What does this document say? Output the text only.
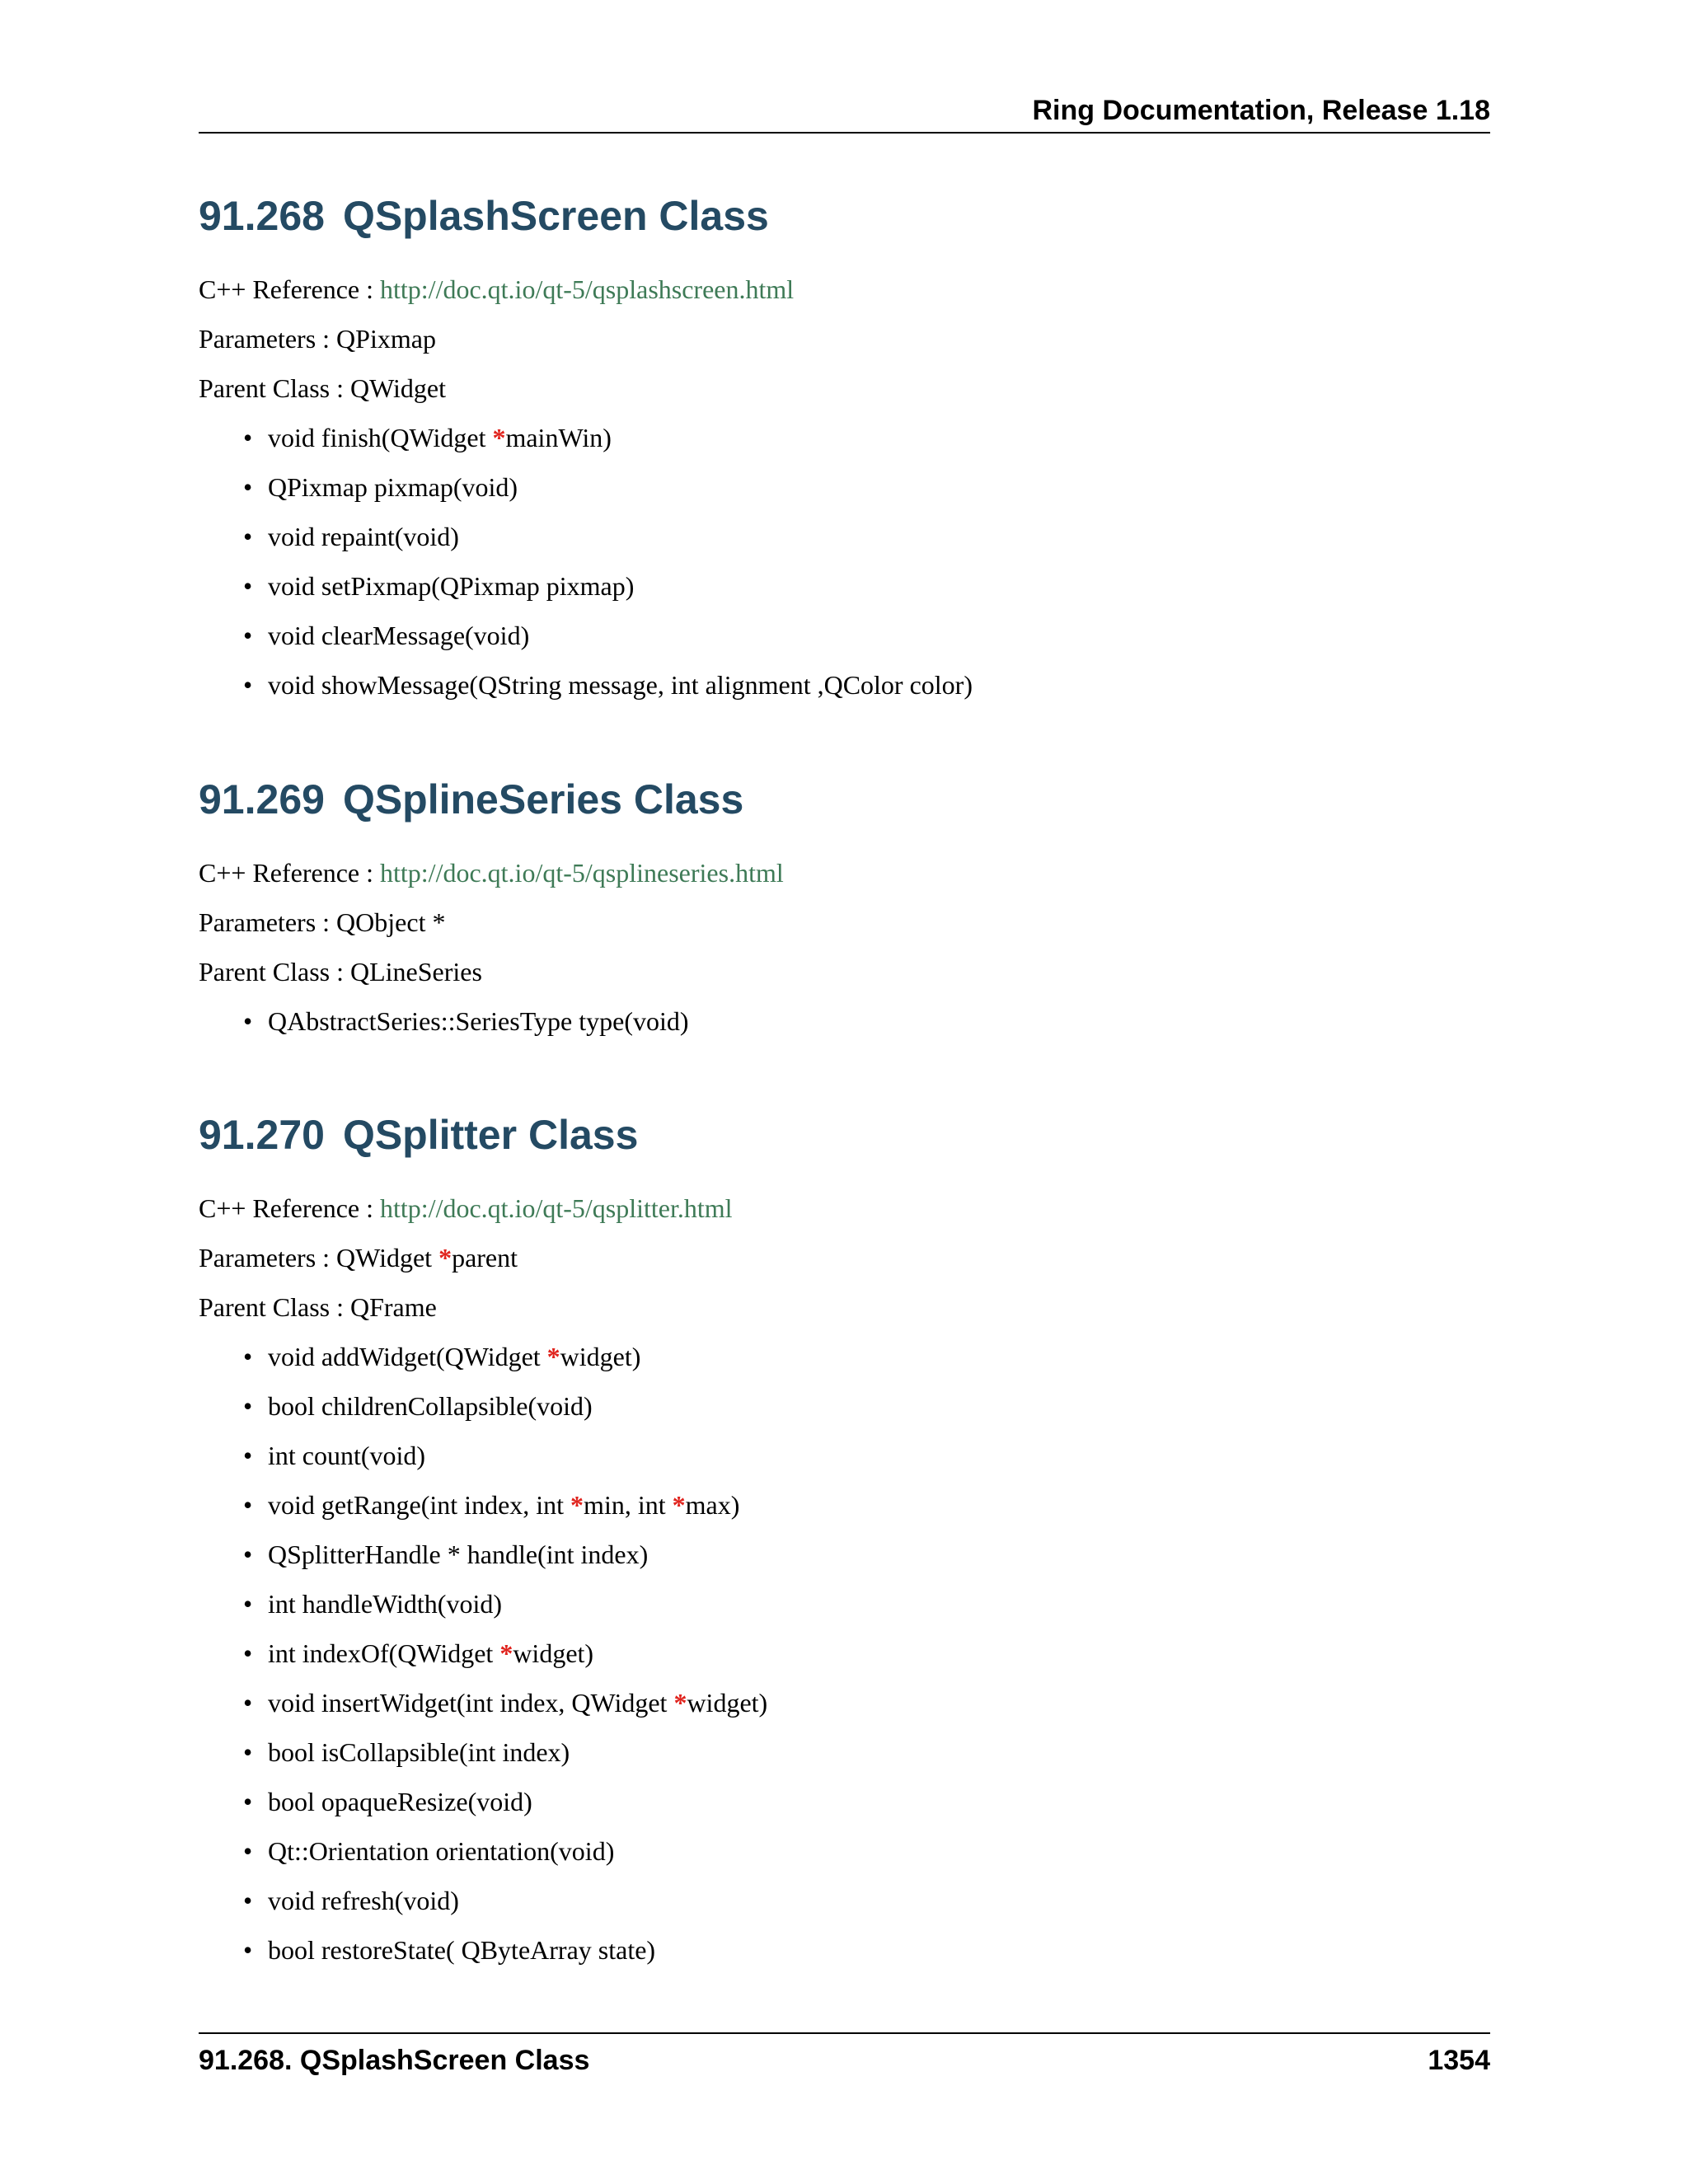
Ring Documentation, Release 1.18
91.268 QSplashScreen Class

C++ Reference : http://doc.qt.io/qt-5/qsplashscreen.html

Parameters : QPixmap

Parent Class : QWidget

• void finish(QWidget *mainWin)
• QPixmap pixmap(void)
• void repaint(void)
• void setPixmap(QPixmap pixmap)
• void clearMessage(void)
• void showMessage(QString message, int alignment ,QColor color)
91.269 QSplineSeries Class

C++ Reference : http://doc.qt.io/qt-5/qsplineseries.html

Parameters : QObject *

Parent Class : QLineSeries

• QAbstractSeries::SeriesType type(void)
91.270 QSplitter Class

C++ Reference : http://doc.qt.io/qt-5/qsplitter.html

Parameters : QWidget *parent

Parent Class : QFrame

• void addWidget(QWidget *widget)
• bool childrenCollapsible(void)
• int count(void)
• void getRange(int index, int *min, int *max)
• QSplitterHandle * handle(int index)
• int handleWidth(void)
• int indexOf(QWidget *widget)
• void insertWidget(int index, QWidget *widget)
• bool isCollapsible(int index)
• bool opaqueResize(void)
• Qt::Orientation orientation(void)
• void refresh(void)
• bool restoreState( QByteArray state)
91.268. QSplashScreen Class	1354
